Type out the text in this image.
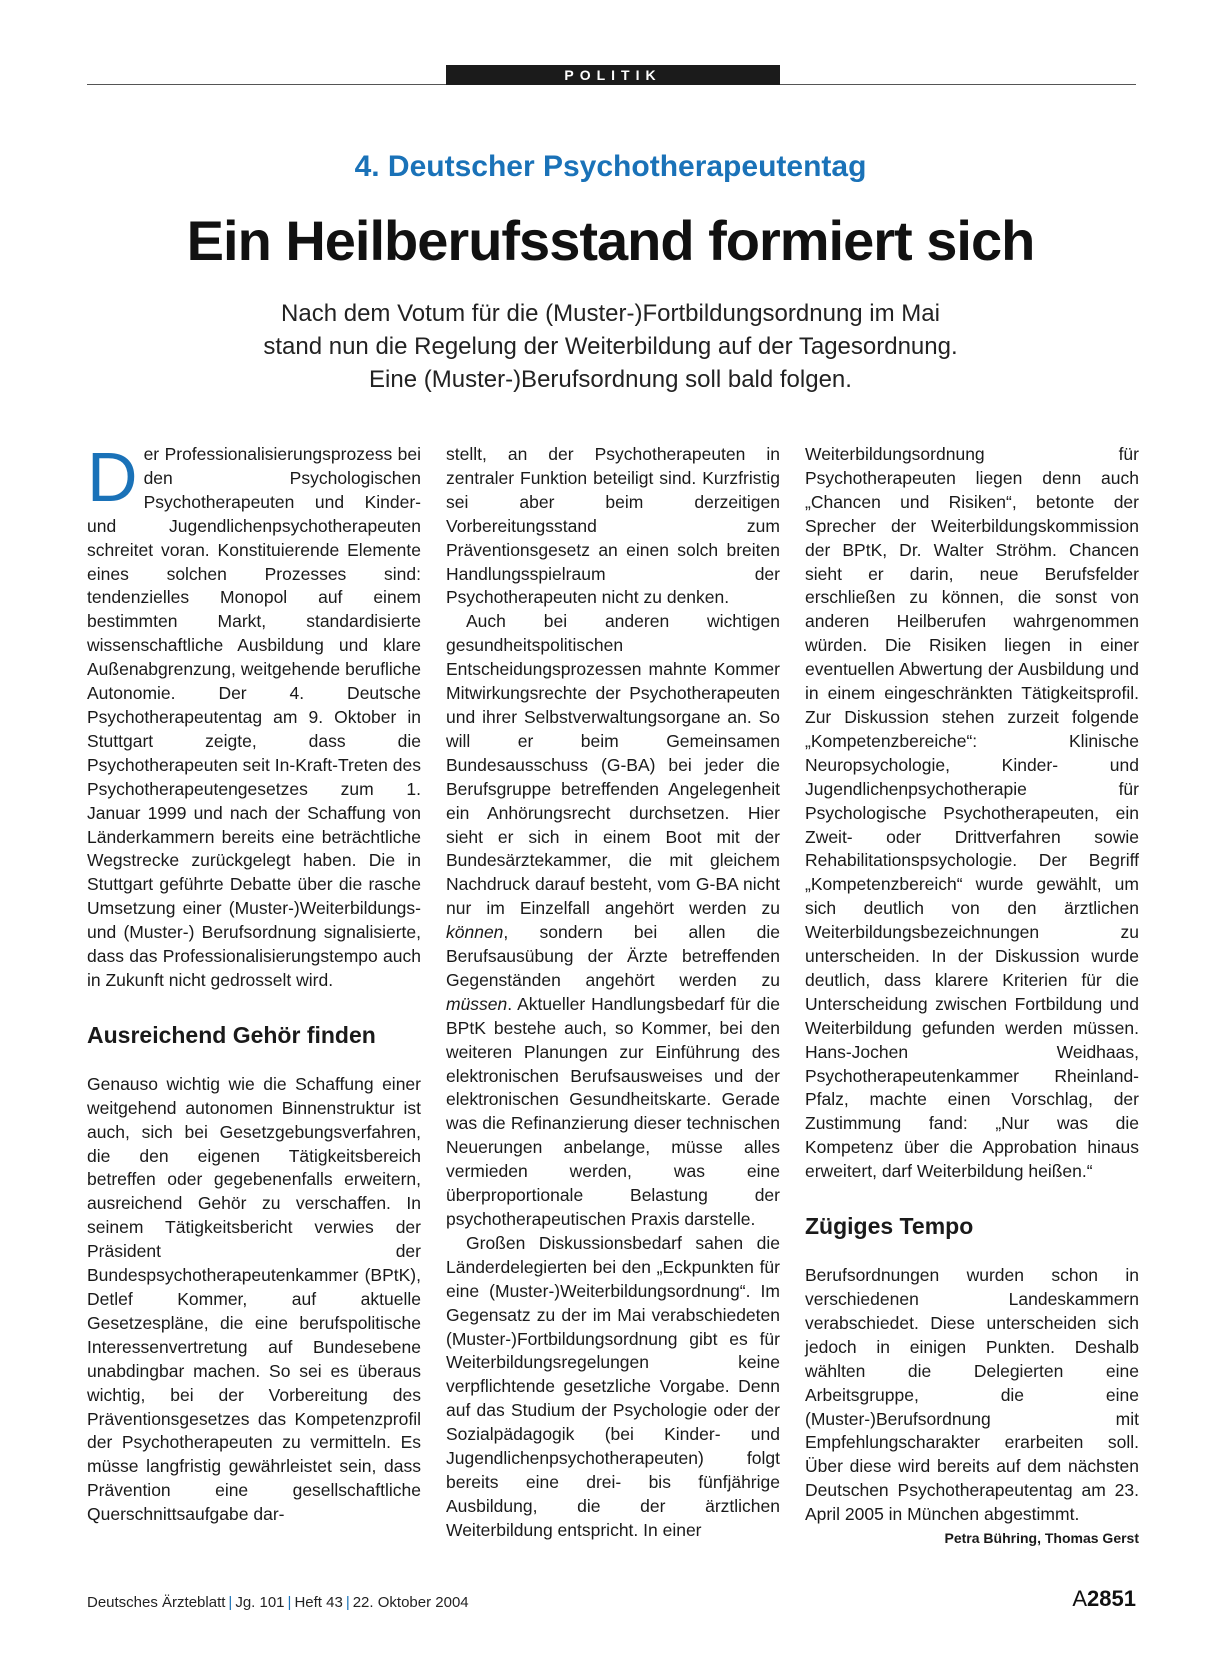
POLITIK
4. Deutscher Psychotherapeutentag
Ein Heilberufsstand formiert sich
Nach dem Votum für die (Muster-)Fortbildungsordnung im Mai
stand nun die Regelung der Weiterbildung auf der Tagesordnung.
Eine (Muster-)Berufsordnung soll bald folgen.

Der Professionalisierungsprozess bei den Psychologischen Psychotherapeuten und Kinder- und Jugendlichenpsychotherapeuten schreitet voran. Konstituierende Elemente eines solchen Prozesses sind: tendenzielles Monopol auf einem bestimmten Markt, standardisierte wissenschaftliche Ausbildung und klare Außenabgrenzung, weitgehende berufliche Autonomie. Der 4. Deutsche Psychotherapeutentag am 9. Oktober in Stuttgart zeigte, dass die Psychotherapeuten seit In-Kraft-Treten des Psychotherapeutengesetzes zum 1. Januar 1999 und nach der Schaffung von Länderkammern bereits eine beträchtliche Wegstrecke zurückgelegt haben. Die in Stuttgart geführte Debatte über die rasche Umsetzung einer (Muster-)Weiterbildungs- und (Muster-) Berufsordnung signalisierte, dass das Professionalisierungstempo auch in Zukunft nicht gedrosselt wird.

Ausreichend Gehör finden

Genauso wichtig wie die Schaffung einer weitgehend autonomen Binnenstruktur ist auch, sich bei Gesetzgebungsverfahren, die den eigenen Tätigkeitsbereich betreffen oder gegebenenfalls erweitern, ausreichend Gehör zu verschaffen. In seinem Tätigkeitsbericht verwies der Präsident der Bundespsychotherapeutenkammer (BPtK), Detlef Kommer, auf aktuelle Gesetzespläne, die eine berufspolitische Interessenvertretung auf Bundesebene unabdingbar machen. So sei es überaus wichtig, bei der Vorbereitung des Präventionsgesetzes das Kompetenzprofil der Psychotherapeuten zu vermitteln. Es müsse langfristig gewährleistet sein, dass Prävention eine gesellschaftliche Querschnittsaufgabe dar-

stellt, an der Psychotherapeuten in zentraler Funktion beteiligt sind. Kurzfristig sei aber beim derzeitigen Vorbereitungsstand zum Präventionsgesetz an einen solch breiten Handlungsspielraum der Psychotherapeuten nicht zu denken.

Auch bei anderen wichtigen gesundheitspolitischen Entscheidungsprozessen mahnte Kommer Mitwirkungsrechte der Psychotherapeuten und ihrer Selbstverwaltungsorgane an. So will er beim Gemeinsamen Bundesausschuss (G-BA) bei jeder die Berufsgruppe betreffenden Angelegenheit ein Anhörungsrecht durchsetzen. Hier sieht er sich in einem Boot mit der Bundesärztekammer, die mit gleichem Nachdruck darauf besteht, vom G-BA nicht nur im Einzelfall angehört werden zu können, sondern bei allen die Berufsausübung der Ärzte betreffenden Gegenständen angehört werden zu müssen. Aktueller Handlungsbedarf für die BPtK bestehe auch, so Kommer, bei den weiteren Planungen zur Einführung des elektronischen Berufsausweises und der elektronischen Gesundheitskarte. Gerade was die Refinanzierung dieser technischen Neuerungen anbelange, müsse alles vermieden werden, was eine überproportionale Belastung der psychotherapeutischen Praxis darstelle.

Großen Diskussionsbedarf sahen die Länderdelegierten bei den „Eckpunkten für eine (Muster-)Weiterbildungsordnung“. Im Gegensatz zu der im Mai verabschiedeten (Muster-)Fortbildungsordnung gibt es für Weiterbildungsregelungen keine verpflichtende gesetzliche Vorgabe. Denn auf das Studium der Psychologie oder der Sozialpädagogik (bei Kinder- und Jugendlichenpsychotherapeuten) folgt bereits eine drei- bis fünfjährige Ausbildung, die der ärztlichen Weiterbildung entspricht. In einer

Weiterbildungsordnung für Psychotherapeuten liegen denn auch „Chancen und Risiken“, betonte der Sprecher der Weiterbildungskommission der BPtK, Dr. Walter Ströhm. Chancen sieht er darin, neue Berufsfelder erschließen zu können, die sonst von anderen Heilberufen wahrgenommen würden. Die Risiken liegen in einer eventuellen Abwertung der Ausbildung und in einem eingeschränkten Tätigkeitsprofil. Zur Diskussion stehen zurzeit folgende „Kompetenzbereiche“: Klinische Neuropsychologie, Kinder- und Jugendlichenpsychotherapie für Psychologische Psychotherapeuten, ein Zweit- oder Drittverfahren sowie Rehabilitationspsychologie. Der Begriff „Kompetenzbereich“ wurde gewählt, um sich deutlich von den ärztlichen Weiterbildungsbezeichnungen zu unterscheiden. In der Diskussion wurde deutlich, dass klarere Kriterien für die Unterscheidung zwischen Fortbildung und Weiterbildung gefunden werden müssen. Hans-Jochen Weidhaas, Psychotherapeutenkammer Rheinland-Pfalz, machte einen Vorschlag, der Zustimmung fand: „Nur was die Kompetenz über die Approbation hinaus erweitert, darf Weiterbildung heißen.“

Zügiges Tempo

Berufsordnungen wurden schon in verschiedenen Landeskammern verabschiedet. Diese unterscheiden sich jedoch in einigen Punkten. Deshalb wählten die Delegierten eine Arbeitsgruppe, die eine (Muster-)Berufsordnung mit Empfehlungscharakter erarbeiten soll. Über diese wird bereits auf dem nächsten Deutschen Psychotherapeutentag am 23. April 2005 in München abgestimmt.
Petra Bühring, Thomas Gerst

Deutsches Ärzteblatt | Jg. 101 | Heft 43 | 22. Oktober 2004	A2851
